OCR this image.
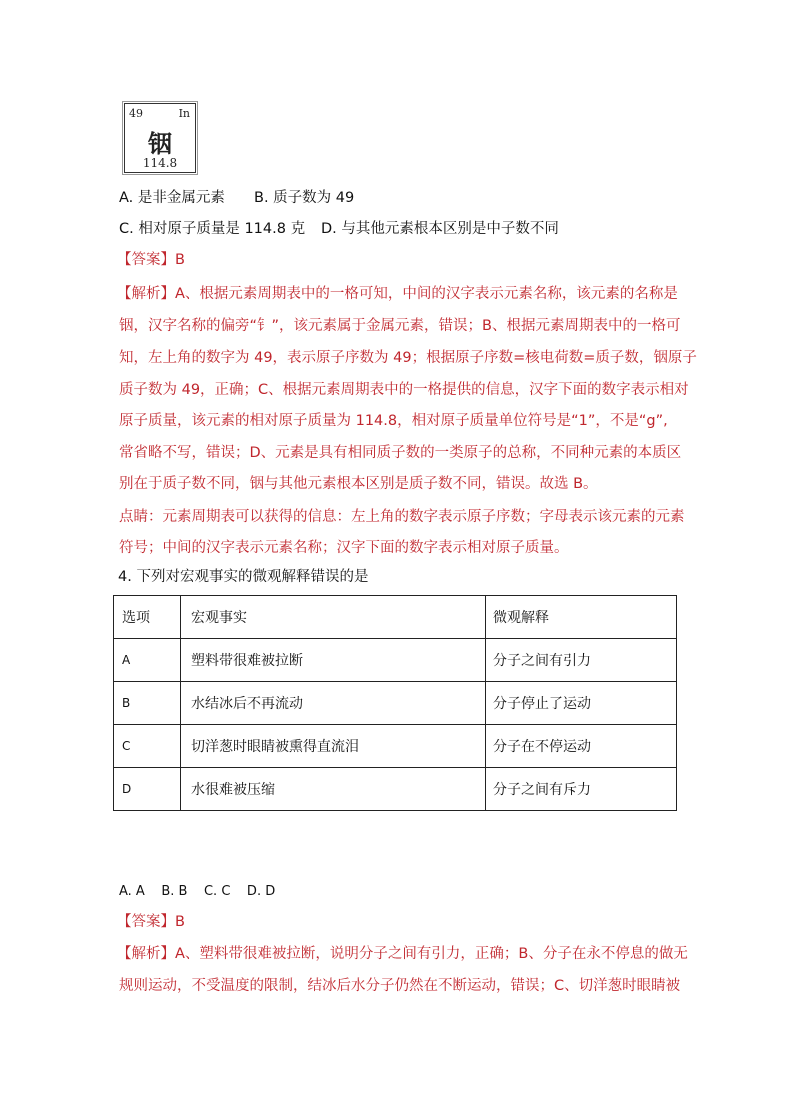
49	In
铟
114.8
A. 是非金属元素 B. 质子数为 49
C. 相对原子质量是 114.8 克 D. 与其他元素根本区别是中子数不同
【答案】B
【解析】A、根据元素周期表中的一格可知，中间的汉字表示元素名称，该元素的名称是
铟，汉字名称的偏旁“钅”，该元素属于金属元素，错误；B、根据元素周期表中的一格可
知，左上角的数字为 49，表示原子序数为 49；根据原子序数=核电荷数=质子数，铟原子
质子数为 49，正确；C、根据元素周期表中的一格提供的信息，汉字下面的数字表示相对
原子质量，该元素的相对原子质量为 114.8，相对原子质量单位符号是“1”，不是“g”,
常省略不写，错误；D、元素是具有相同质子数的一类原子的总称，不同种元素的本质区
别在于质子数不同，铟与其他元素根本区别是质子数不同，错误。故选 B。
点睛：元素周期表可以获得的信息：左上角的数字表示原子序数；字母表示该元素的元素
符号；中间的汉字表示元素名称；汉字下面的数字表示相对原子质量。
4. 下列对宏观事实的微观解释错误的是
选项	宏观事实	微观解释
A	塑料带很难被拉断	分子之间有引力
B	水结冰后不再流动	分子停止了运动
C	切洋葱时眼睛被熏得直流泪	分子在不停运动
D	水很难被压缩	分子之间有斥力
A. A    B. B    C. C    D. D
【答案】B
【解析】A、塑料带很难被拉断，说明分子之间有引力，正确；B、分子在永不停息的做无
规则运动，不受温度的限制，结冰后水分子仍然在不断运动，错误；C、切洋葱时眼睛被
